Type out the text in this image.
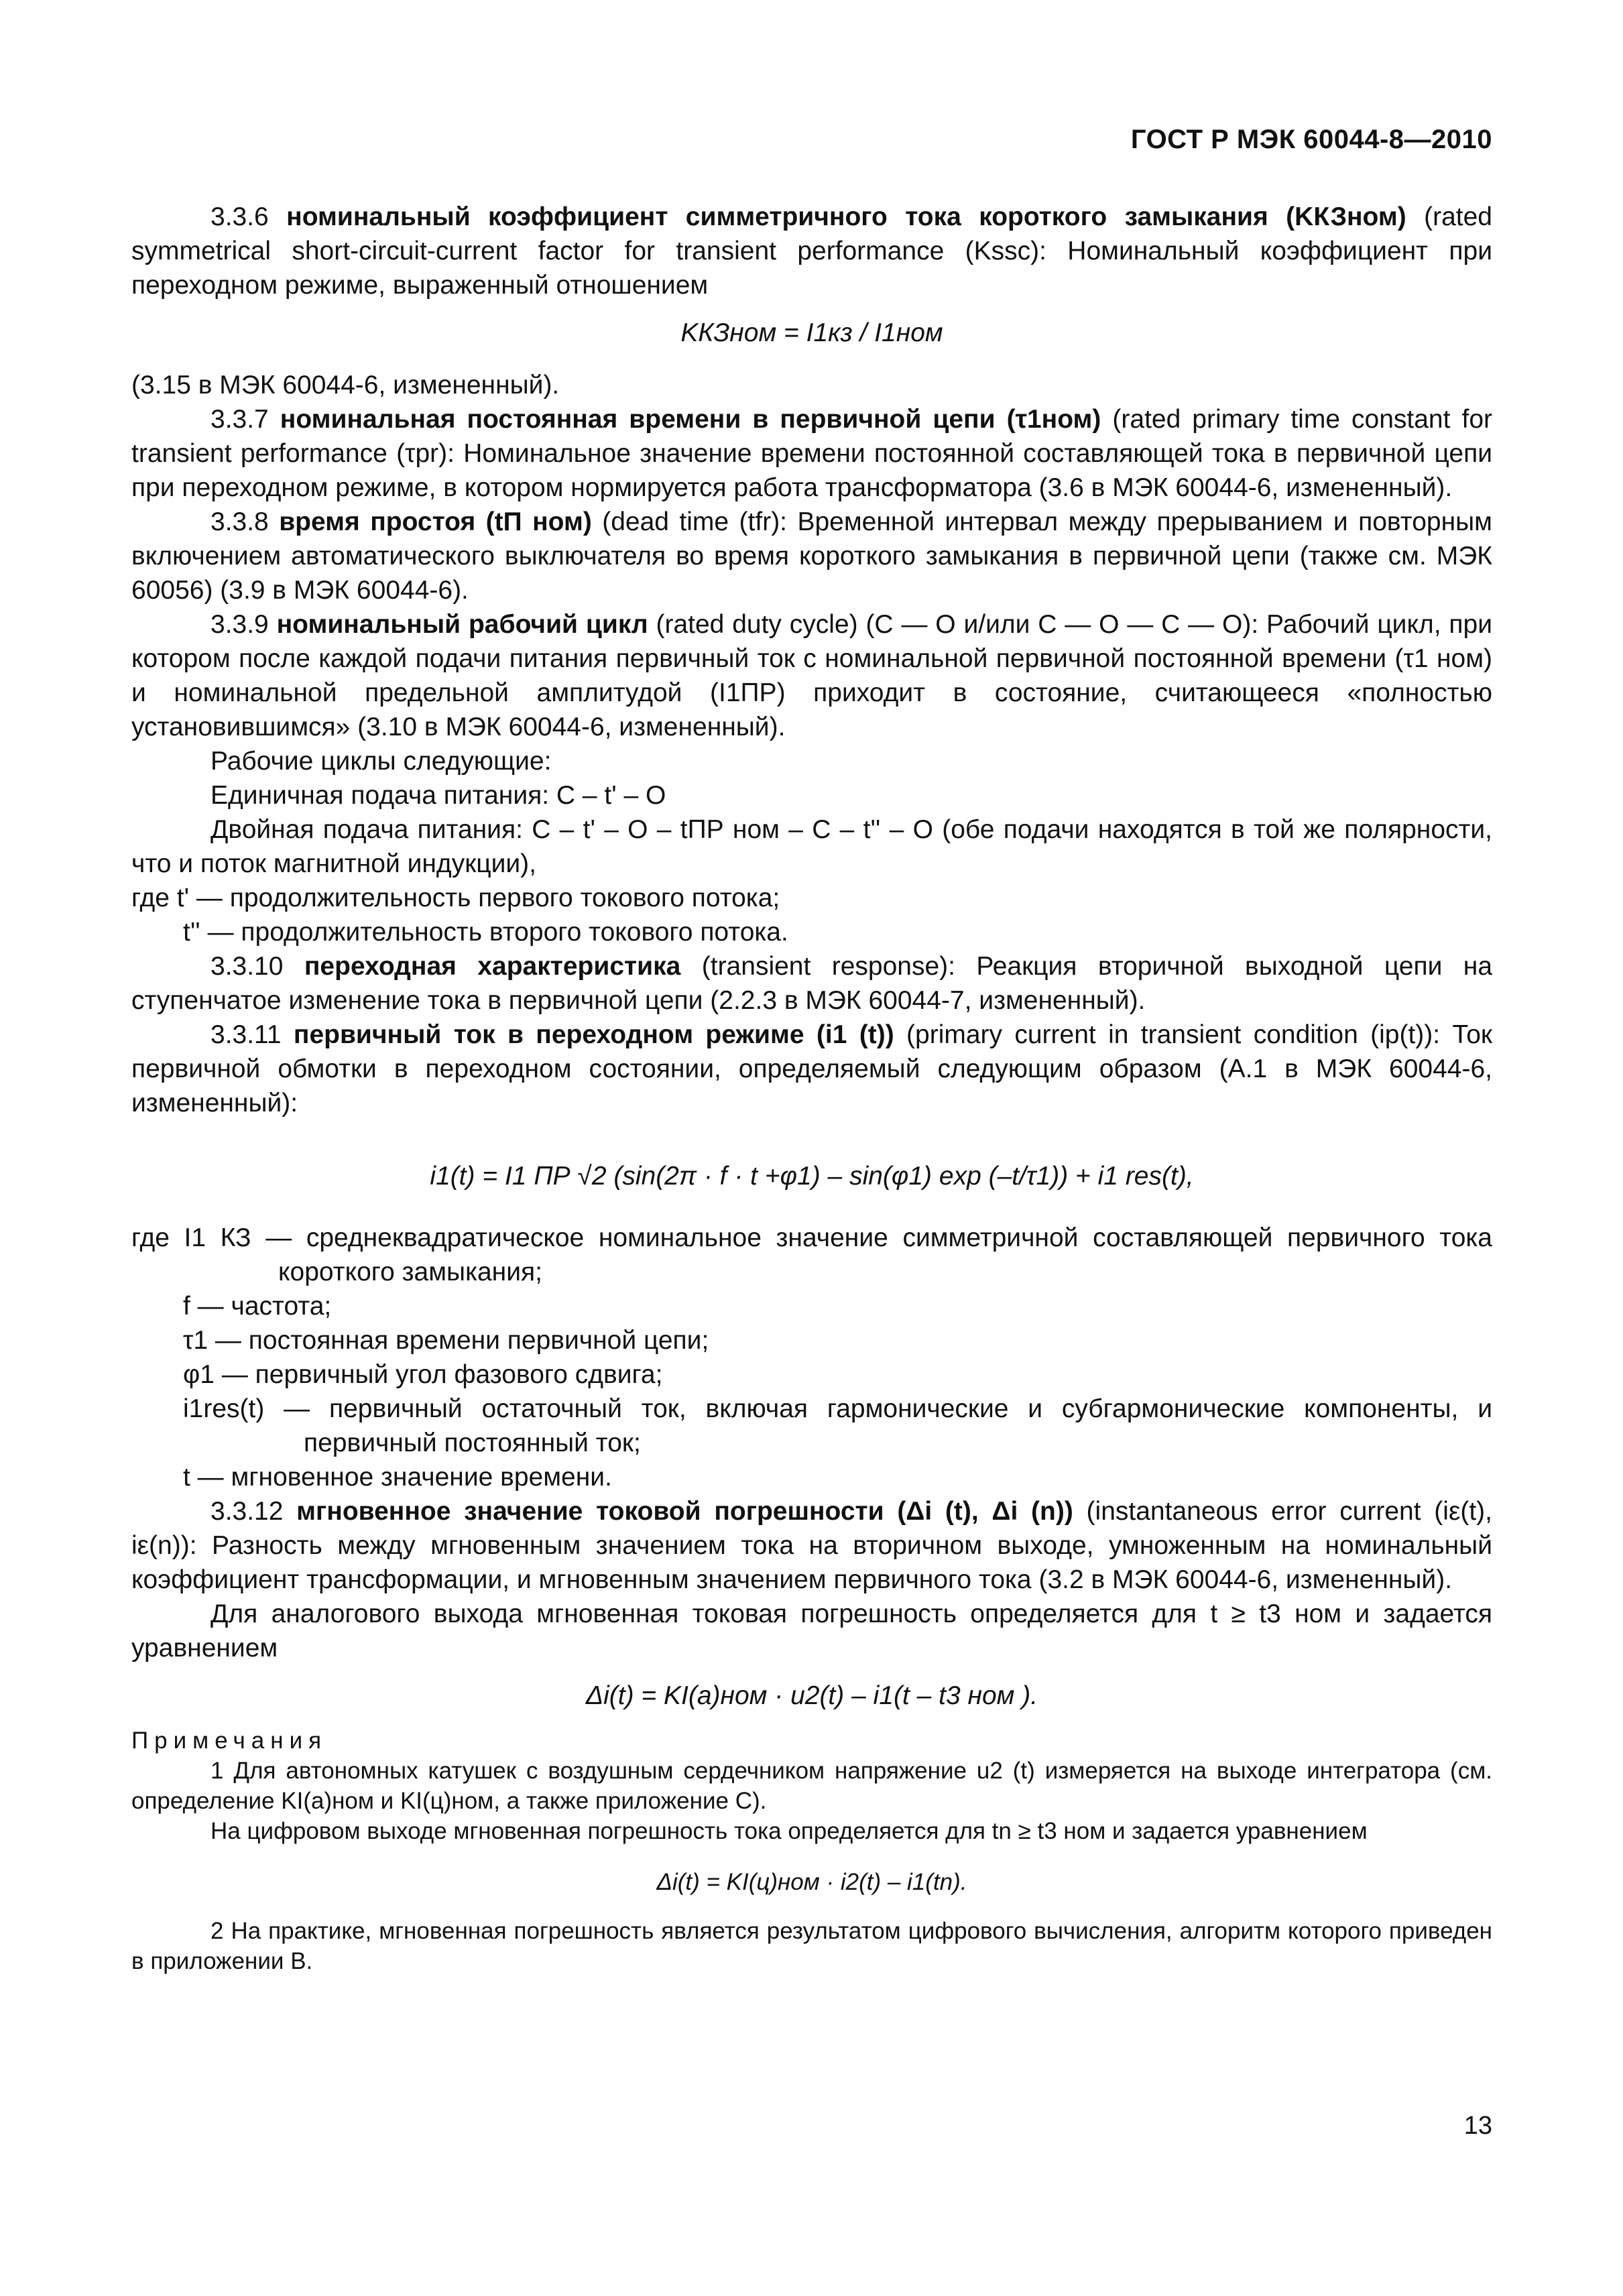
ГОСТ Р МЭК 60044-8—2010

3.3.6 номинальный коэффициент симметричного тока короткого замыкания (KКЗном) (rated symmetrical short-circuit-current factor for transient performance (Kssc): Номинальный коэффициент при переходном режиме, выраженный отношением

KКЗном = I1кз / I1ном

(3.15 в МЭК 60044-6, измененный).

3.3.7 номинальная постоянная времени в первичной цепи (τ1ном) (rated primary time constant for transient performance (τpr): Номинальное значение времени постоянной составляющей тока в первичной цепи при переходном режиме, в котором нормируется работа трансформатора (3.6 в МЭК 60044-6, измененный).

3.3.8 время простоя (tП ном) (dead time (tfr): Временной интервал между прерыванием и повторным включением автоматического выключателя во время короткого замыкания в первичной цепи (также см. МЭК 60056) (3.9 в МЭК 60044-6).

3.3.9 номинальный рабочий цикл (rated duty cycle) (С — О и/или С — О — С — О): Рабочий цикл, при котором после каждой подачи питания первичный ток с номинальной первичной постоянной времени (τ1 ном) и номинальной предельной амплитудой (I1ПР) приходит в состояние, считающееся «полностью установившимся» (3.10 в МЭК 60044-6, измененный).

Рабочие циклы следующие:

Единичная подача питания: С – t' – О

Двойная подача питания: С – t' – О – tПР ном – С – t'' – О (обе подачи находятся в той же полярности, что и поток магнитной индукции),

где t' — продолжительность первого токового потока;

t'' — продолжительность второго токового потока.

3.3.10 переходная характеристика (transient response): Реакция вторичной выходной цепи на ступенчатое изменение тока в первичной цепи (2.2.3 в МЭК 60044-7, измененный).

3.3.11 первичный ток в переходном режиме (i1 (t)) (primary current in transient condition (ip(t)): Ток первичной обмотки в переходном состоянии, определяемый следующим образом (А.1 в МЭК 60044-6, измененный):

i1(t) = I1 ПР √2 (sin(2π · f · t +φ1) – sin(φ1) exp (–t/τ1)) + i1 res(t),

где I1 КЗ — среднеквадратическое номинальное значение симметричной составляющей первичного тока короткого замыкания;

f — частота;

τ1 — постоянная времени первичной цепи;

φ1 — первичный угол фазового сдвига;

i1res(t) — первичный остаточный ток, включая гармонические и субгармонические компоненты, и первичный постоянный ток;

t — мгновенное значение времени.

3.3.12 мгновенное значение токовой погрешности (Δi (t), Δi (n)) (instantaneous error current (iε(t), iε(n)): Разность между мгновенным значением тока на вторичном выходе, умноженным на номинальный коэффициент трансформации, и мгновенным значением первичного тока (3.2 в МЭК 60044-6, измененный).

Для аналогового выхода мгновенная токовая погрешность определяется для t ≥ t3 ном и задается уравнением

Δi(t) = KI(a)ном · u2(t) – i1(t – t3 ном ).

Примечания

1 Для автономных катушек с воздушным сердечником напряжение u2 (t) измеряется на выходе интегратора (см. определение KI(a)ном и KI(ц)ном, а также приложение С).

На цифровом выходе мгновенная погрешность тока определяется для tn ≥ t3 ном и задается уравнением

Δi(t) = KI(ц)ном · i2(t) – i1(tn).

2 На практике, мгновенная погрешность является результатом цифрового вычисления, алгоритм которого приведен в приложении В.

13
